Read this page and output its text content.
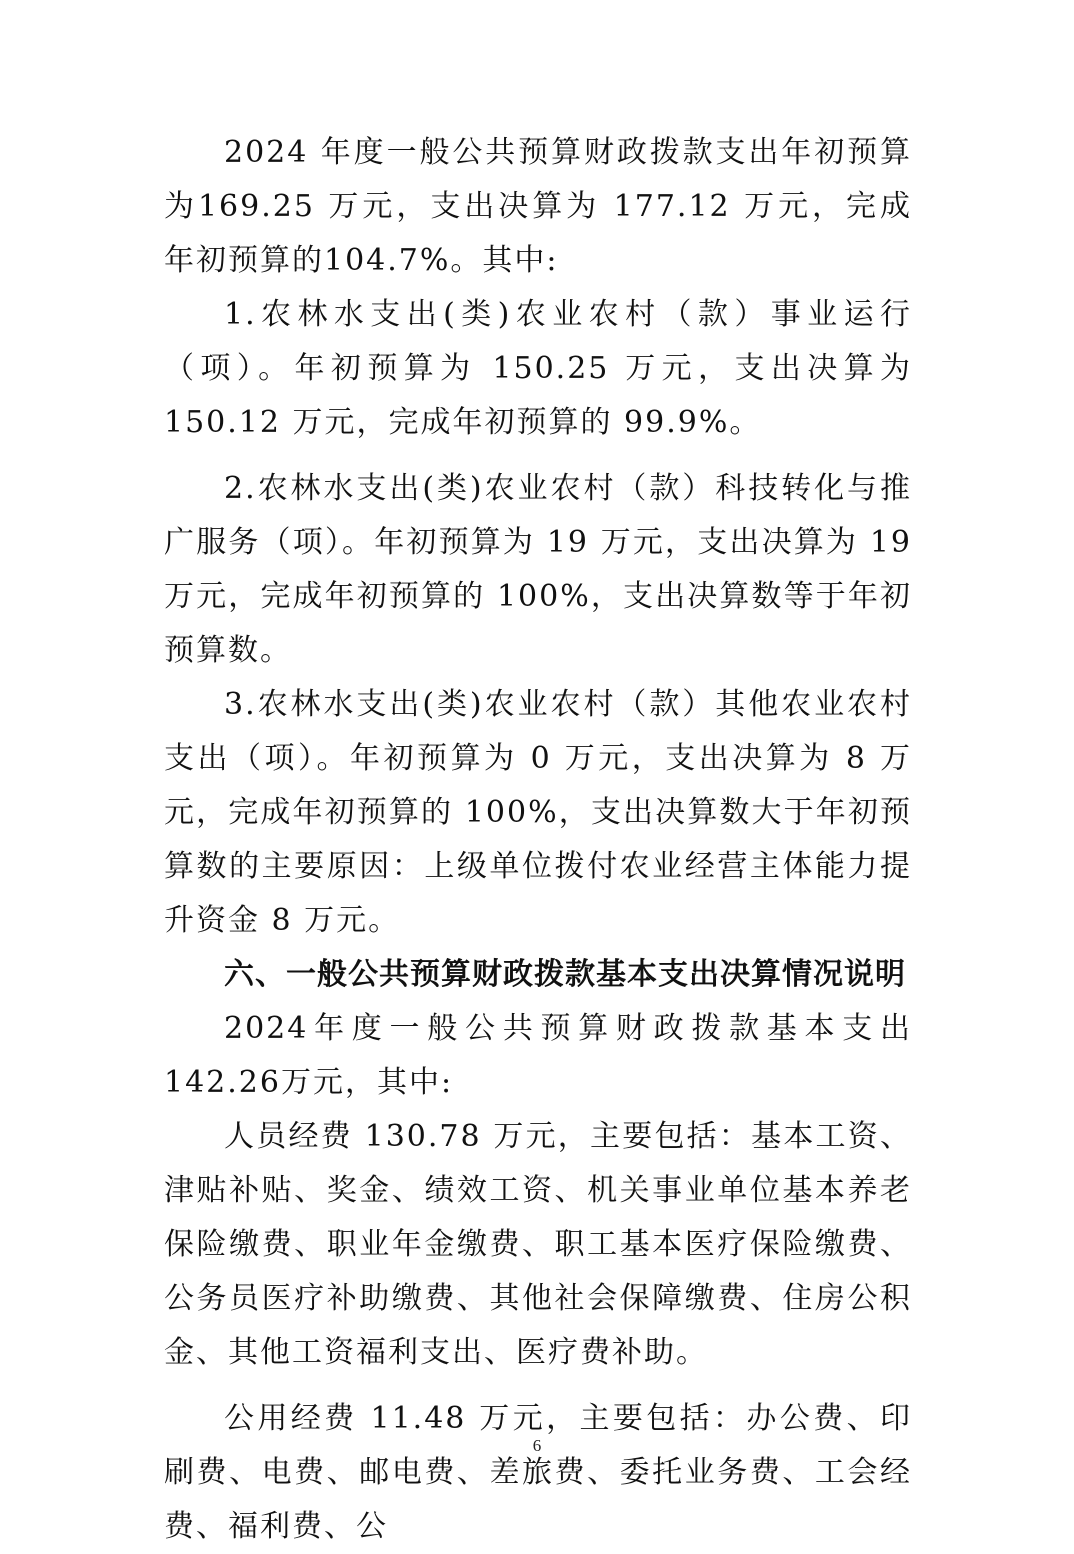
2024 年度一般公共预算财政拨款支出年初预算为169.25 万元，支出决算为 177.12 万元，完成年初预算的104.7%。其中:

1.农林水支出(类)农业农村（款）事业运行（项）。年初预算为 150.25 万元，支出决算为 150.12 万元，完成年初预算的 99.9%。

2.农林水支出(类)农业农村（款）科技转化与推广服务（项）。年初预算为 19 万元，支出决算为 19 万元，完成年初预算的 100%，支出决算数等于年初预算数。

3.农林水支出(类)农业农村（款）其他农业农村支出（项）。年初预算为 0 万元，支出决算为 8 万元，完成年初预算的 100%，支出决算数大于年初预算数的主要原因：上级单位拨付农业经营主体能力提升资金 8 万元。

六、一般公共预算财政拨款基本支出决算情况说明

2024年度一般公共预算财政拨款基本支出142.26万元，其中:

人员经费 130.78 万元，主要包括：基本工资、津贴补贴、奖金、绩效工资、机关事业单位基本养老保险缴费、职业年金缴费、职工基本医疗保险缴费、公务员医疗补助缴费、其他社会保障缴费、住房公积金、其他工资福利支出、医疗费补助。

公用经费 11.48 万元，主要包括：办公费、印刷费、电费、邮电费、差旅费、委托业务费、工会经费、福利费、公

6
